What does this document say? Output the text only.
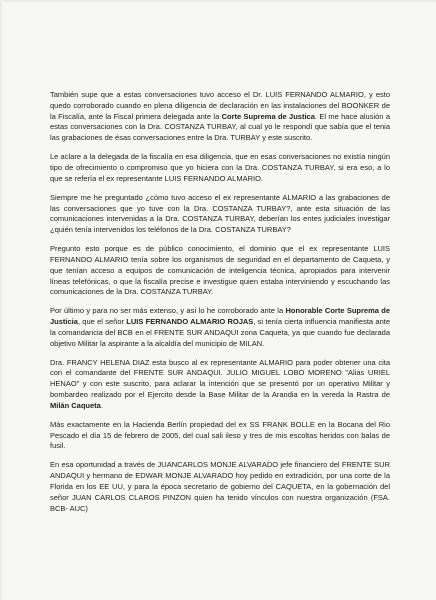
También supe que a estas conversaciones tuvo acceso el Dr. LUIS FERNANDO ALMARIO, y esto quedo corroborado cuando en plena diligencia de declaración en las instalaciones del BOONKER de la Fiscalía, ante la Fiscal primera delegada ante la Corte Suprema de Justica. El me hace alusión a estas conversaciones con la Dra. COSTANZA TURBAY, al cual yo le respondí que sabía que el tenia las grabaciones de ésas conversaciones entre la Dra. TURBAY y este suscrito.

Le aclare a la delegada de la fiscalía en esa diligencia, que en esas conversaciones no existía ningún tipo de ofrecimiento o compromiso que yo hiciera con la Dra. COSTANZA TURBAY, si era eso, a lo que se refería el ex representante LUIS FERNANDO ALMARIO.

Siempre me he preguntado ¿cómo tuvo acceso el ex representante ALMARIO a las grabaciones de las conversaciones que yo tuve con la Dra. COSTANZA TURBAY?, ante esta situación de las comunicaciones intervenidas a la Dra. COSTANZA TURBAY, deberían los entes judiciales investigar ¿quién tenía intervenidos los teléfonos de la Dra. COSTANZA TURBAY?

Pregunto esto porque es de público conocimiento, el dominio que el ex representante LUIS FERNANDO ALMARIO tenía sobre los organismos de seguridad en el departamento de Caqueta, y que tenían acceso a equipos de comunicación de inteligencia técnica, apropiados para intervenir líneas telefónicas, o que la fiscalía precise e investigue quien estaba interviniendo y escuchando las comunicaciones de la Dra. COSTANZA TURBAY.

Por último y para no ser más extenso, y así lo he corroborado ante la Honorable Corte Suprema de Justicia, que el señor LUIS FERNANDO ALMARIO ROJAS, si tenía cierta influencia manifiesta ante la comandancia del BCB en el FRENTE SUR ANDAQUI zona Caqueta, ya que cuando fue declarada objetivo Militar la aspirante a la alcaldía del municipio de MILAN.

Dra. FRANCY HELENA DIAZ esta busco al ex representante ALMARIO para poder obtener una cita con el comandante del FRENTE SUR ANDAQUI. JULIO MIGUEL LOBO MORENO "Alias URIEL HENAO" y con este suscrito, para aclarar la intención que se presentó por un operativo Militar y bombardeo realizado por el Ejercito desde la Base Militar de la Arandia en la vereda la Rastra de Milán Caqueta.

Más exactamente en la Hacienda Berlín propiedad del ex SS FRANK BOLLE en la Bocana del Rio Pescado el día 15 de febrero de 2005, del cual sali ileso y tres de mis escoltas heridos con balas de fusil.

En esa oportunidad a través de JUANCARLOS MONJE ALVARADO jefe financiero del FRENTE SUR ANDAQUI y hermano de EDWAR MONJE ALVARADO hoy pedido en extradición, por una corte de la Florida en los EE UU, y para la época secretario de gobierno del CAQUETA, en la gobernación del señor JUAN CARLOS CLAROS PINZON quien ha tenido vínculos con nuestra organización (FSA. BCB- AUC)
